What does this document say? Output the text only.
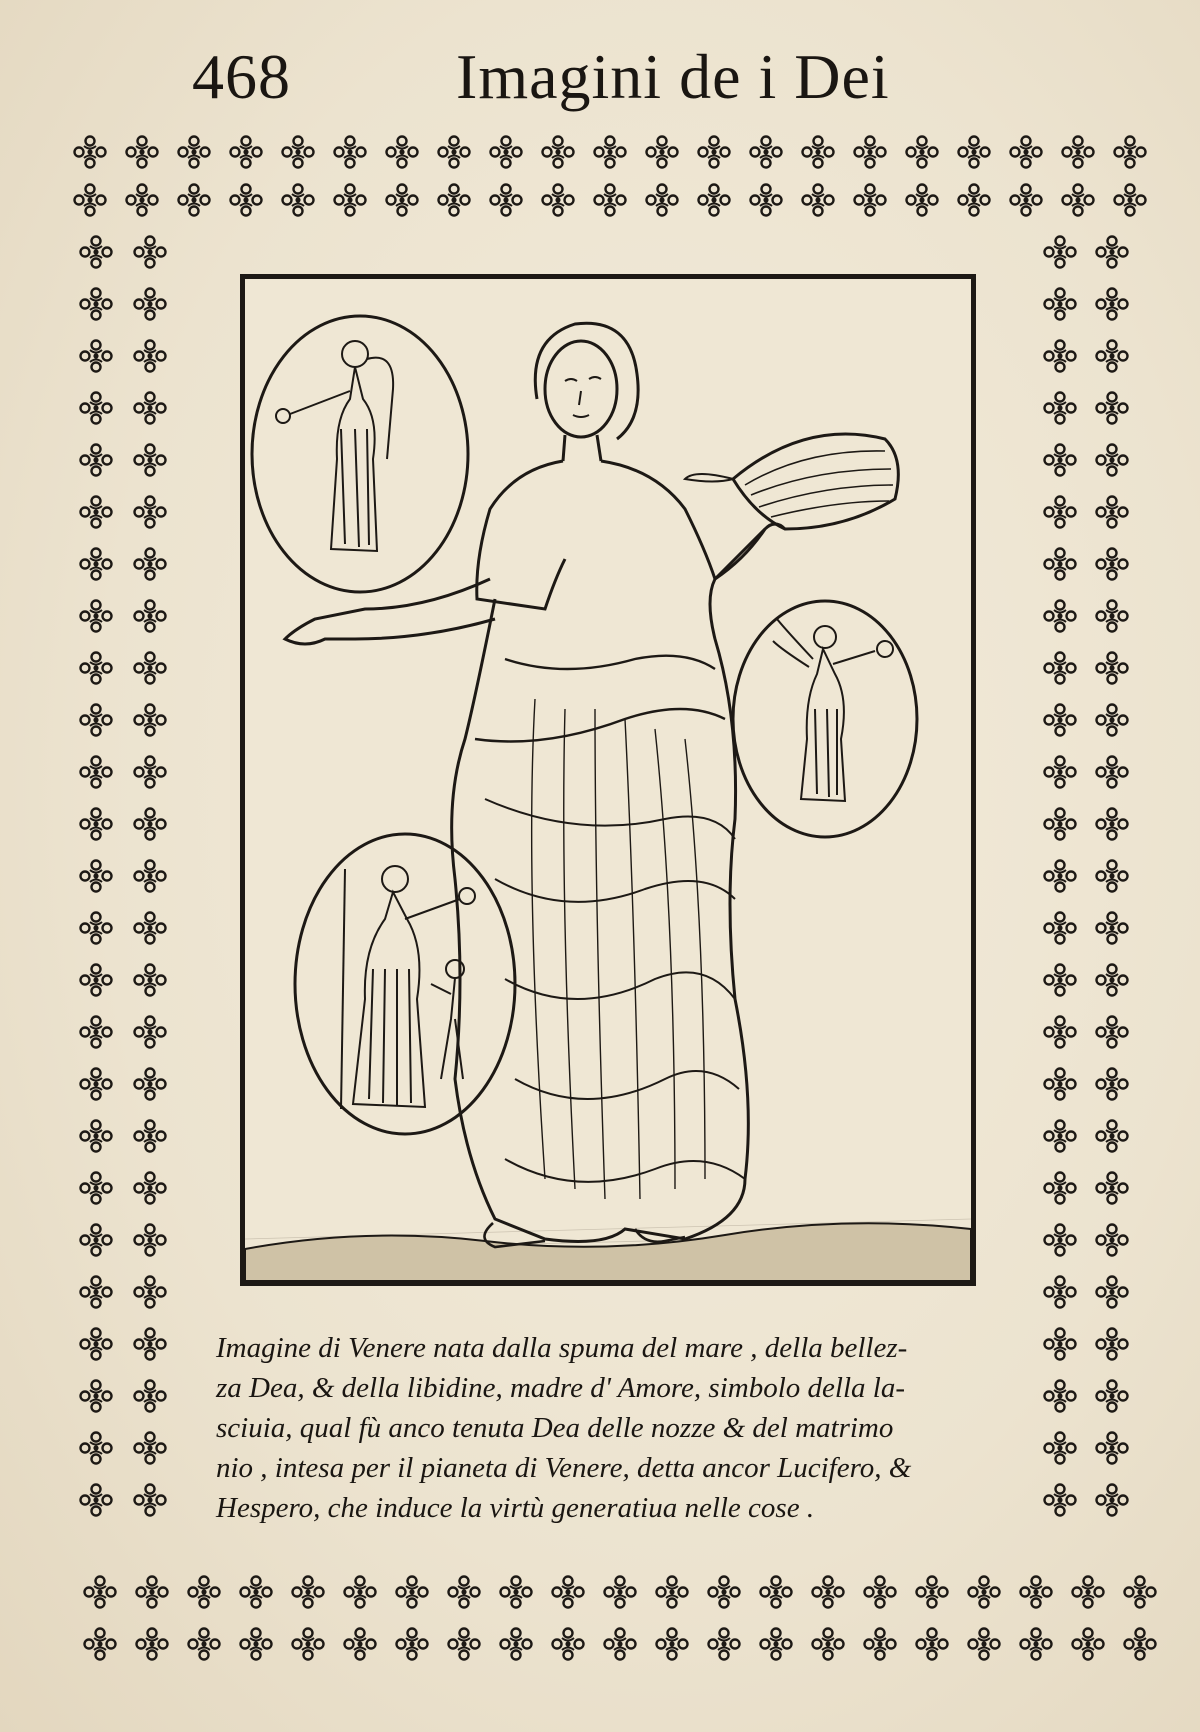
468	Imagini de i Dei
Imagine di Venere nata dalla spuma del mare , della bellez-
za Dea, & della libidine, madre d' Amore, simbolo della la-
sciuia, qual fù anco tenuta Dea delle nozze & del matrimo
nio , intesa per il pianeta di Venere, detta ancor Lucifero, &
Hespero, che induce la virtù generatiua nelle cose .
